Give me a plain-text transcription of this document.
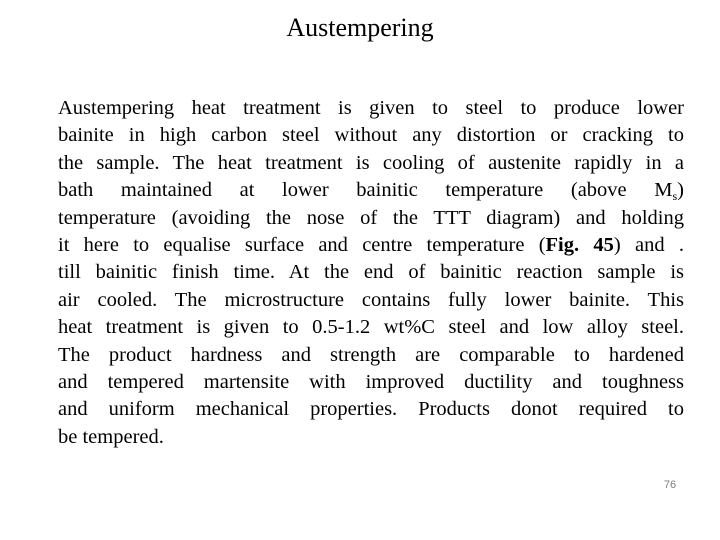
Austempering
Austempering heat treatment is given to steel to produce lower
bainite in high carbon steel without any distortion or cracking to
the sample. The heat treatment is cooling of austenite rapidly in a
bath maintained at lower bainitic temperature (above $M_s$)
temperature (avoiding the nose of the TTT diagram) and holding
it here to equalise surface and centre temperature (Fig. 45) and .
till bainitic finish time. At the end of bainitic reaction sample is
air cooled. The microstructure contains fully lower bainite. This
heat treatment is given to 0.5-1.2 wt%C steel and low alloy steel.
The product hardness and strength are comparable to hardened
and tempered martensite with improved ductility and toughness
and uniform mechanical properties. Products donot required to
be tempered.
76
